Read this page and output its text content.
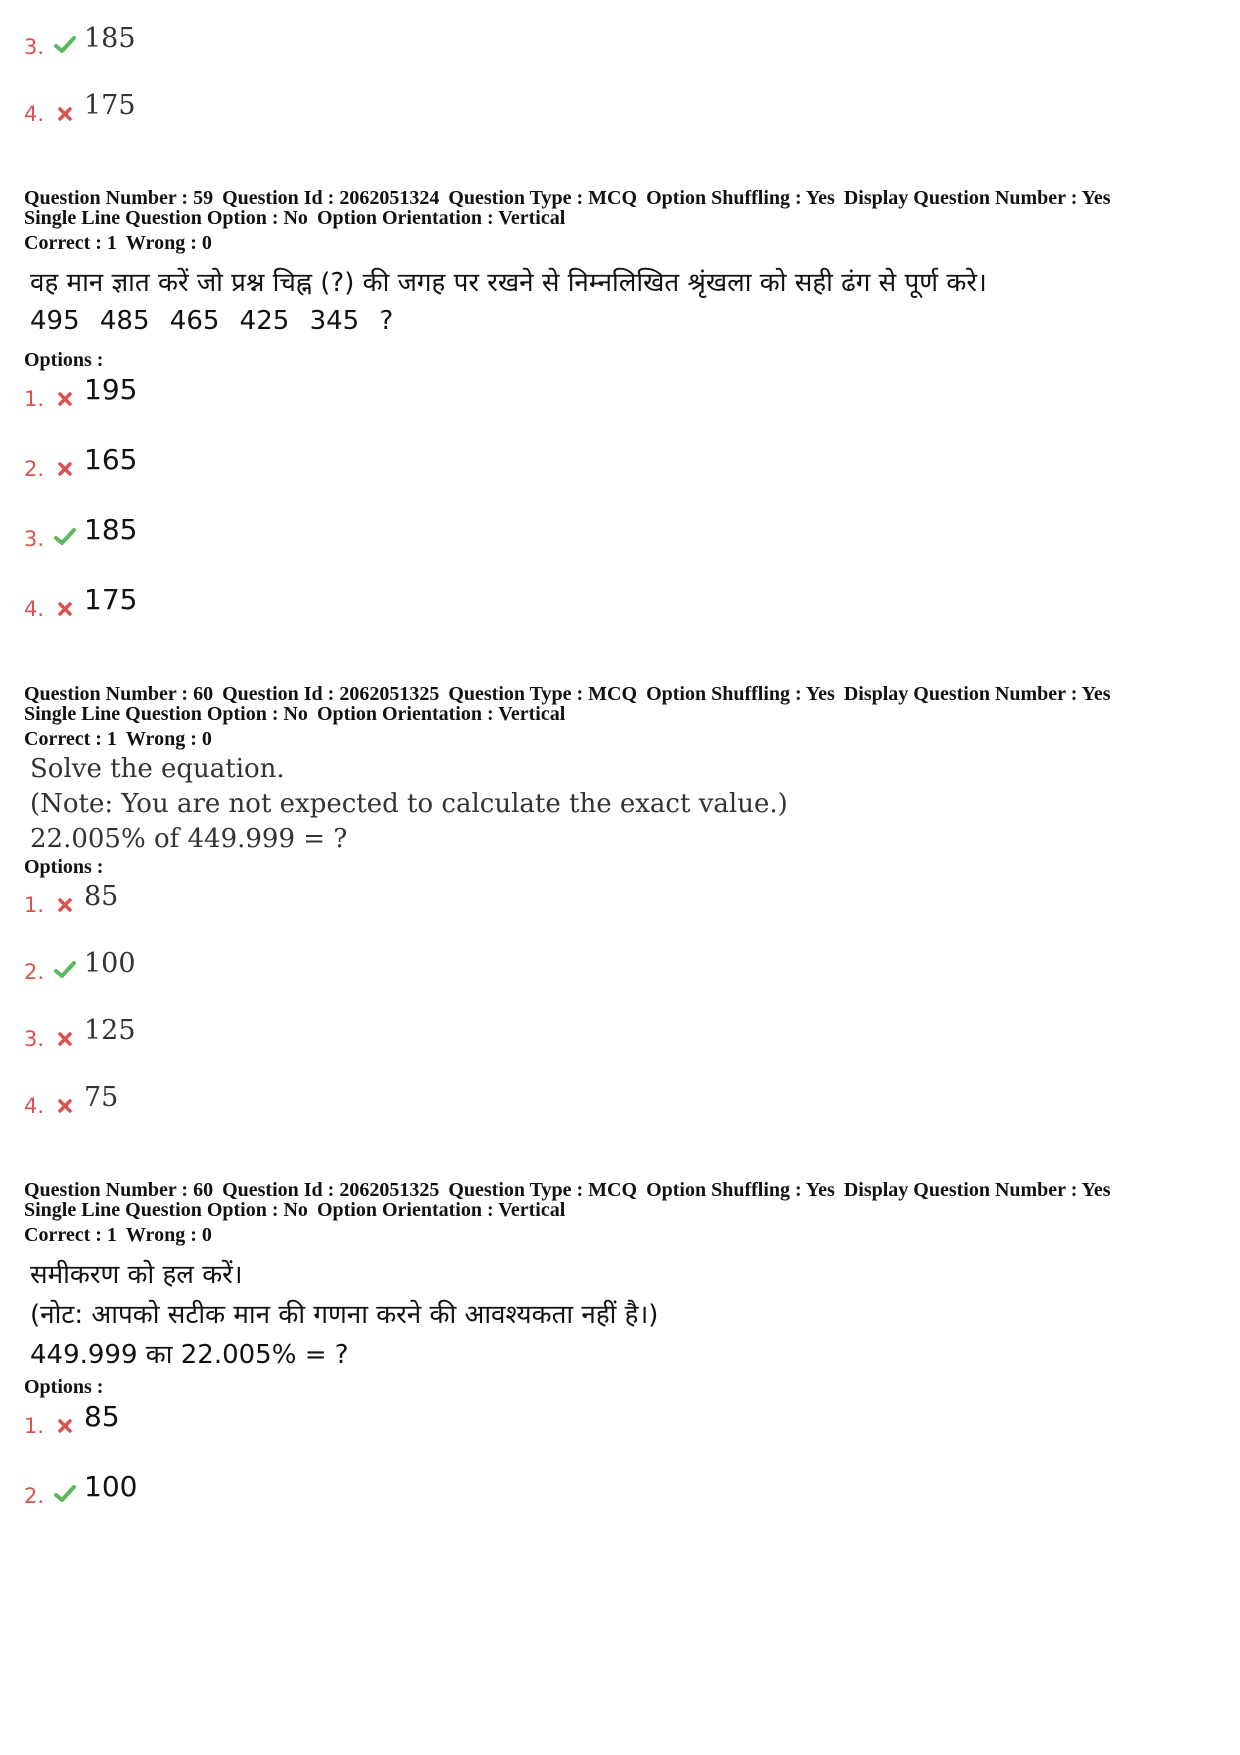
3. 185
4. 175
Question Number : 59 Question Id : 2062051324 Question Type : MCQ Option Shuffling : Yes Display Question Number : Yes
Single Line Question Option : No Option Orientation : Vertical
Correct : 1 Wrong : 0
वह मान ज्ञात करें जो प्रश्न चिह्न (?) की जगह पर रखने से निम्नलिखित श्रृंखला को सही ढंग से पूर्ण करे।
495 485 465 425 345 ?
Options :
1. 195
2. 165
3. 185
4. 175
Question Number : 60 Question Id : 2062051325 Question Type : MCQ Option Shuffling : Yes Display Question Number : Yes
Single Line Question Option : No Option Orientation : Vertical
Correct : 1 Wrong : 0
Solve the equation.
(Note: You are not expected to calculate the exact value.)
22.005% of 449.999 = ?
Options :
1. 85
2. 100
3. 125
4. 75
Question Number : 60 Question Id : 2062051325 Question Type : MCQ Option Shuffling : Yes Display Question Number : Yes
Single Line Question Option : No Option Orientation : Vertical
Correct : 1 Wrong : 0
समीकरण को हल करें।
(नोट: आपको सटीक मान की गणना करने की आवश्यकता नहीं है।)
449.999 का 22.005% = ?
Options :
1. 85
2. 100
